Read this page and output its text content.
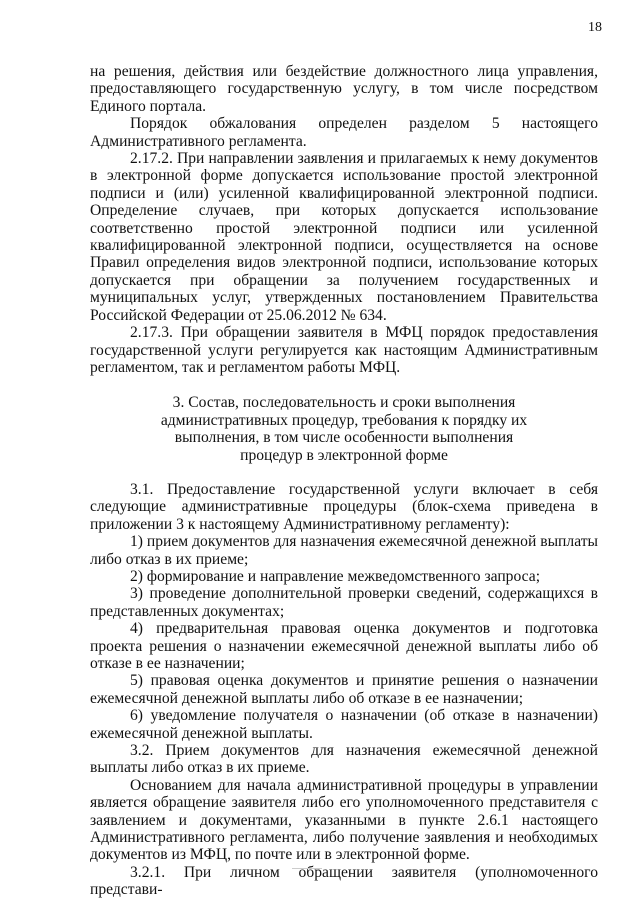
18

на решения, действия или бездействие должностного лица управления, предоставляющего государственную услугу, в том числе посредством Единого портала.

Порядок обжалования определен разделом 5 настоящего Административного регламента.

2.17.2. При направлении заявления и прилагаемых к нему документов в электронной форме допускается использование простой электронной подписи и (или) усиленной квалифицированной электронной подписи. Определение случаев, при которых допускается использование соответственно простой электронной подписи или усиленной квалифицированной электронной подписи, осуществляется на основе Правил определения видов электронной подписи, использование которых допускается при обращении за получением государственных и муниципальных услуг, утвержденных постановлением Правительства Российской Федерации от 25.06.2012 № 634.

2.17.3. При обращении заявителя в МФЦ порядок предоставления государственной услуги регулируется как настоящим Административным регламентом, так и регламентом работы МФЦ.

3. Состав, последовательность и сроки выполнения
административных процедур, требования к порядку их
выполнения, в том числе особенности выполнения
процедур в электронной форме

3.1. Предоставление государственной услуги включает в себя следующие административные процедуры (блок-схема приведена в приложении 3 к настоящему Административному регламенту):

1) прием документов для назначения ежемесячной денежной выплаты либо отказ в их приеме;

2) формирование и направление межведомственного запроса;

3) проведение дополнительной проверки сведений, содержащихся в представленных документах;

4) предварительная правовая оценка документов и подготовка проекта решения о назначении ежемесячной денежной выплаты либо об отказе в ее назначении;

5) правовая оценка документов и принятие решения о назначении ежемесячной денежной выплаты либо об отказе в ее назначении;

6) уведомление получателя о назначении (об отказе в назначении) ежемесячной денежной выплаты.

3.2. Прием документов для назначения ежемесячной денежной выплаты либо отказ в их приеме.

Основанием для начала административной процедуры в управлении является обращение заявителя либо его уполномоченного представителя с заявлением и документами, указанными в пункте 2.6.1 настоящего Административного регламента, либо получение заявления и необходимых документов из МФЦ, по почте или в электронной форме.

3.2.1. При личном обращении заявителя (уполномоченного представи-
